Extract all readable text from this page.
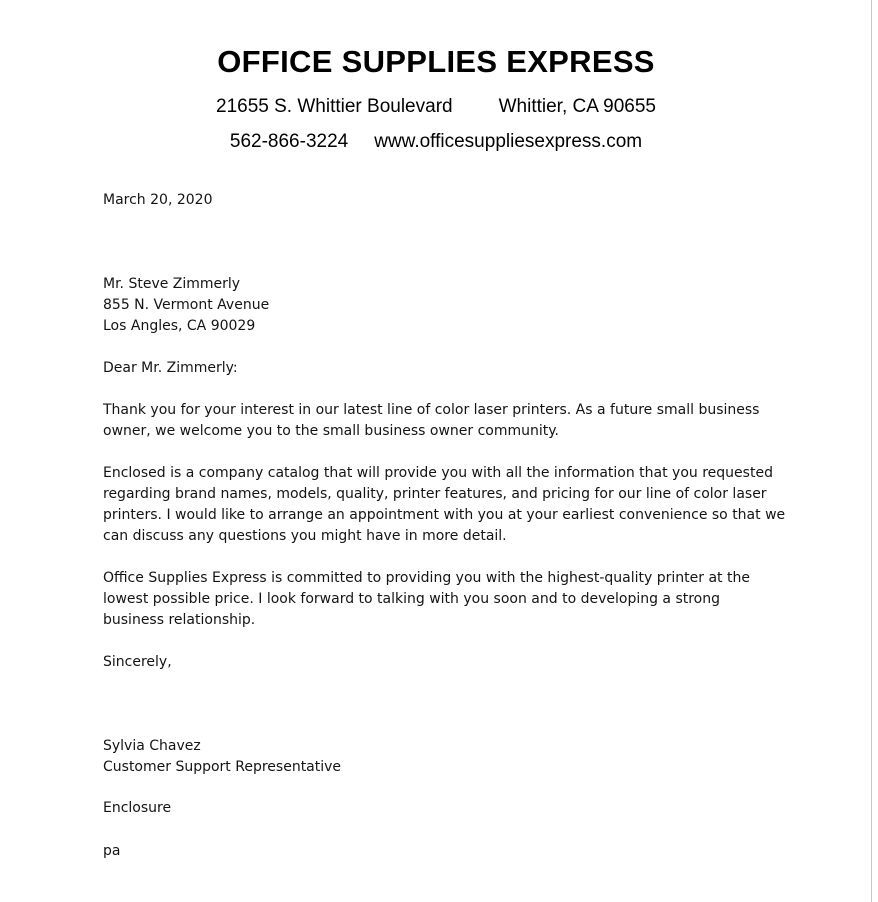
OFFICE SUPPLIES EXPRESS
21655 S. Whittier Boulevard Whittier, CA 90655
562-866-3224 www.officesuppliesexpress.com

March 20, 2020

Mr. Steve Zimmerly
855 N. Vermont Avenue
Los Angles, CA 90029

Dear Mr. Zimmerly:

Thank you for your interest in our latest line of color laser printers. As a future small business owner, we welcome you to the small business owner community.

Enclosed is a company catalog that will provide you with all the information that you requested regarding brand names, models, quality, printer features, and pricing for our line of color laser printers. I would like to arrange an appointment with you at your earliest convenience so that we can discuss any questions you might have in more detail.

Office Supplies Express is committed to providing you with the highest-quality printer at the lowest possible price. I look forward to talking with you soon and to developing a strong business relationship.

Sincerely,

Sylvia Chavez
Customer Support Representative

Enclosure

pa
